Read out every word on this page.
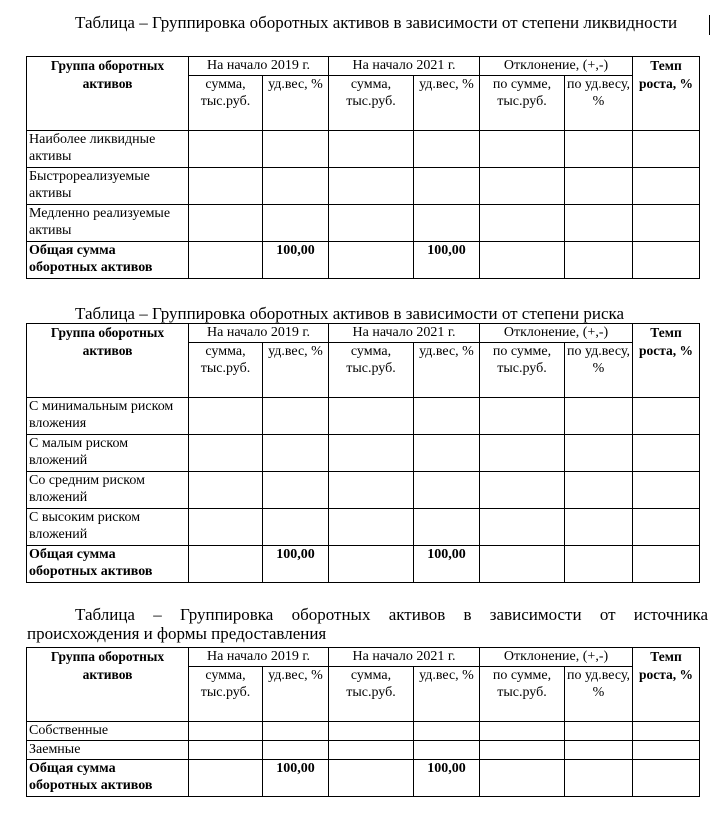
Таблица – Группировка оборотных активов в зависимости от степени ликвидности

Группа оборотных активов	На начало 2019 г.		На начало 2021 г.		Отклонение, (+,-)		Темп роста, %
	сумма, тыс.руб.	уд.вес, %	сумма, тыс.руб.	уд.вес, %	по сумме, тыс.руб.	по уд.весу, %	
Наиболее ликвидные активы							
Быстрореализуемые активы							
Медленно реализуемые активы							
Общая сумма оборотных активов		100,00		100,00			

Таблица – Группировка оборотных активов в зависимости от степени риска

Группа оборотных активов	На начало 2019 г.		На начало 2021 г.		Отклонение, (+,-)		Темп роста, %
	сумма, тыс.руб.	уд.вес, %	сумма, тыс.руб.	уд.вес, %	по сумме, тыс.руб.	по уд.весу, %	
С минимальным риском вложения							
С малым риском вложений							
Со средним риском вложений							
С высоким риском вложений							
Общая сумма оборотных активов		100,00		100,00			

Таблица – Группировка оборотных активов в зависимости от источника происхождения и формы предоставления

Группа оборотных активов	На начало 2019 г.		На начало 2021 г.		Отклонение, (+,-)		Темп роста, %
	сумма, тыс.руб.	уд.вес, %	сумма, тыс.руб.	уд.вес, %	по сумме, тыс.руб.	по уд.весу, %	
Собственные							
Заемные							
Общая сумма оборотных активов		100,00		100,00			
